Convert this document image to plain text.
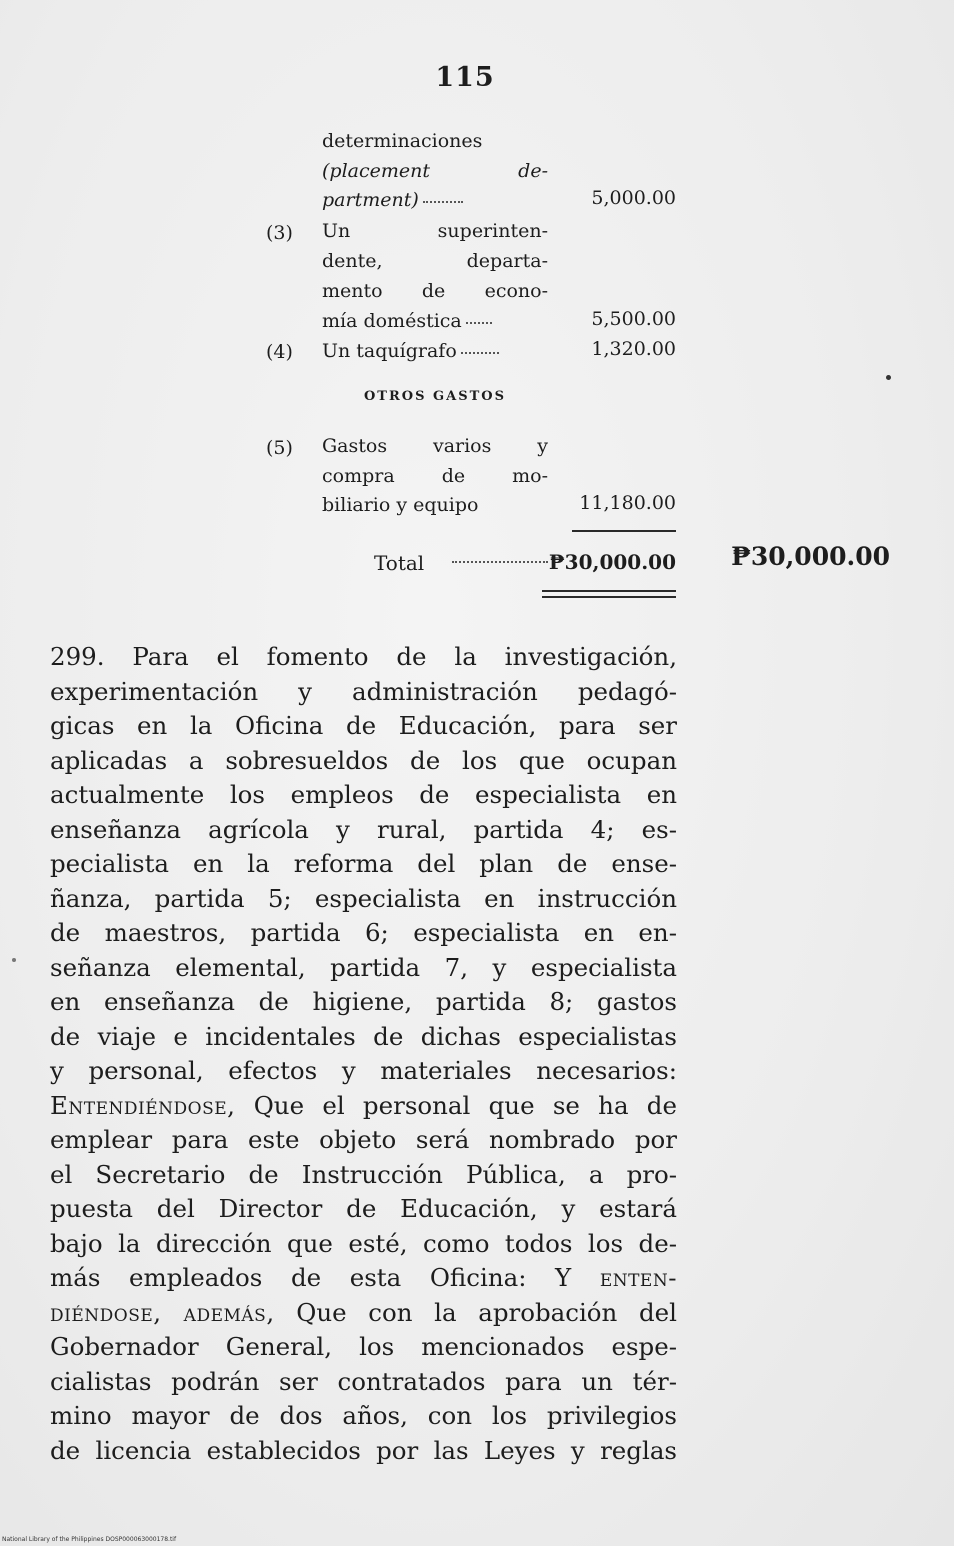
115
determinaciones
(placement de-
partment)	5,000.00
(3)	Un superinten-
dente, departa-
mento de econo-
mía doméstica	5,500.00
(4)	Un taquígrafo	1,320.00
OTROS GASTOS
(5)	Gastos varios y
compra de mo-
biliario y equipo	11,180.00
Total	₱30,000.00 ₱30,000.00
299. Para el fomento de la investigación,
experimentación y administración pedagó-
gicas en la Oficina de Educación, para ser
aplicadas a sobresueldos de los que ocupan
actualmente los empleos de especialista en
enseñanza agrícola y rural, partida 4; es-
pecialista en la reforma del plan de ense-
ñanza, partida 5; especialista en instrucción
de maestros, partida 6; especialista en en-
señanza elemental, partida 7, y especialista
en enseñanza de higiene, partida 8; gastos
de viaje e incidentales de dichas especialistas
y personal, efectos y materiales necesarios:
Entendiéndose, Que el personal que se ha de
emplear para este objeto será nombrado por
el Secretario de Instrucción Pública, a pro-
puesta del Director de Educación, y estará
bajo la dirección que esté, como todos los de-
más empleados de esta Oficina: Y enten-
diéndose, además, Que con la aprobación del
Gobernador General, los mencionados espe-
cialistas podrán ser contratados para un tér-
mino mayor de dos años, con los privilegios
de licencia establecidos por las Leyes y reglas
National Library of the Philippines DOSP000063000178.tif
